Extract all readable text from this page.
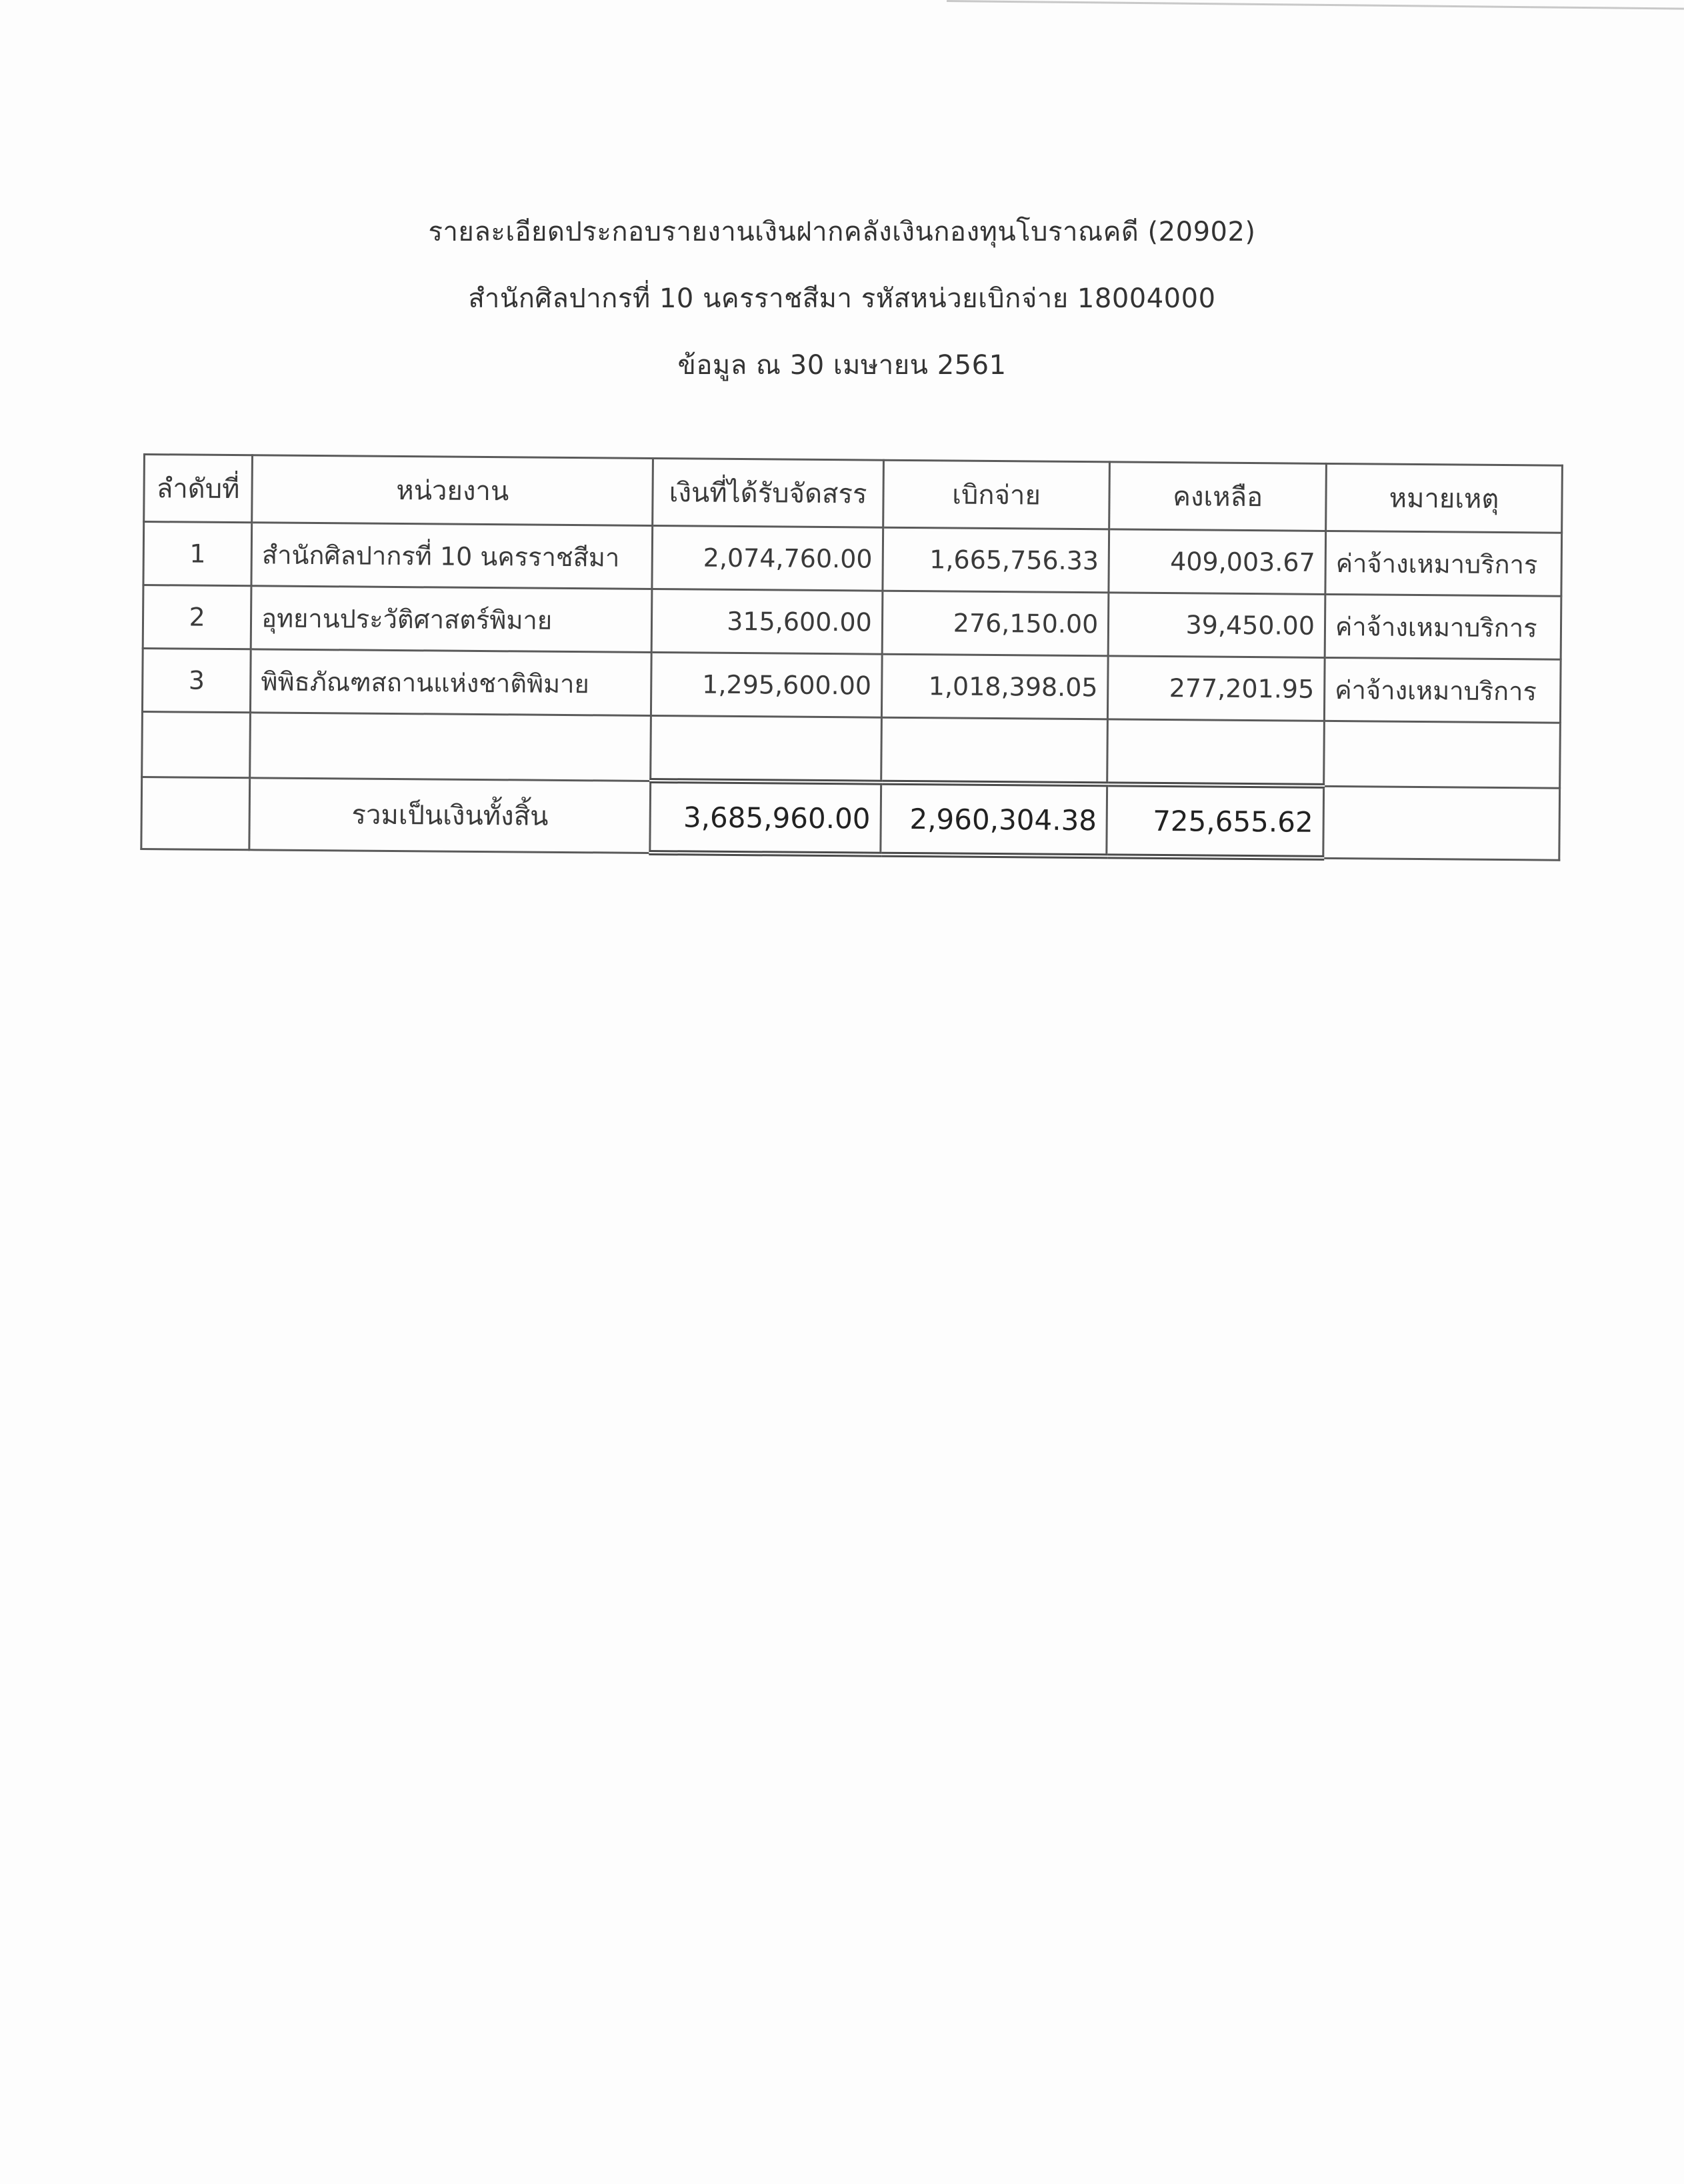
รายละเอียดประกอบรายงานเงินฝากคลังเงินกองทุนโบราณคดี (20902)
สำนักศิลปากรที่ 10 นครราชสีมา รหัสหน่วยเบิกจ่าย 18004000
ข้อมูล ณ 30 เมษายน 2561
ลำดับที่	หน่วยงาน	เงินที่ได้รับจัดสรร	เบิกจ่าย	คงเหลือ	หมายเหตุ
1	สำนักศิลปากรที่ 10 นครราชสีมา	2,074,760.00	1,665,756.33	409,003.67	ค่าจ้างเหมาบริการ
2	อุทยานประวัติศาสตร์พิมาย	315,600.00	276,150.00	39,450.00	ค่าจ้างเหมาบริการ
3	พิพิธภัณฑสถานแห่งชาติพิมาย	1,295,600.00	1,018,398.05	277,201.95	ค่าจ้างเหมาบริการ

	รวมเป็นเงินทั้งสิ้น	3,685,960.00	2,960,304.38	725,655.62	
